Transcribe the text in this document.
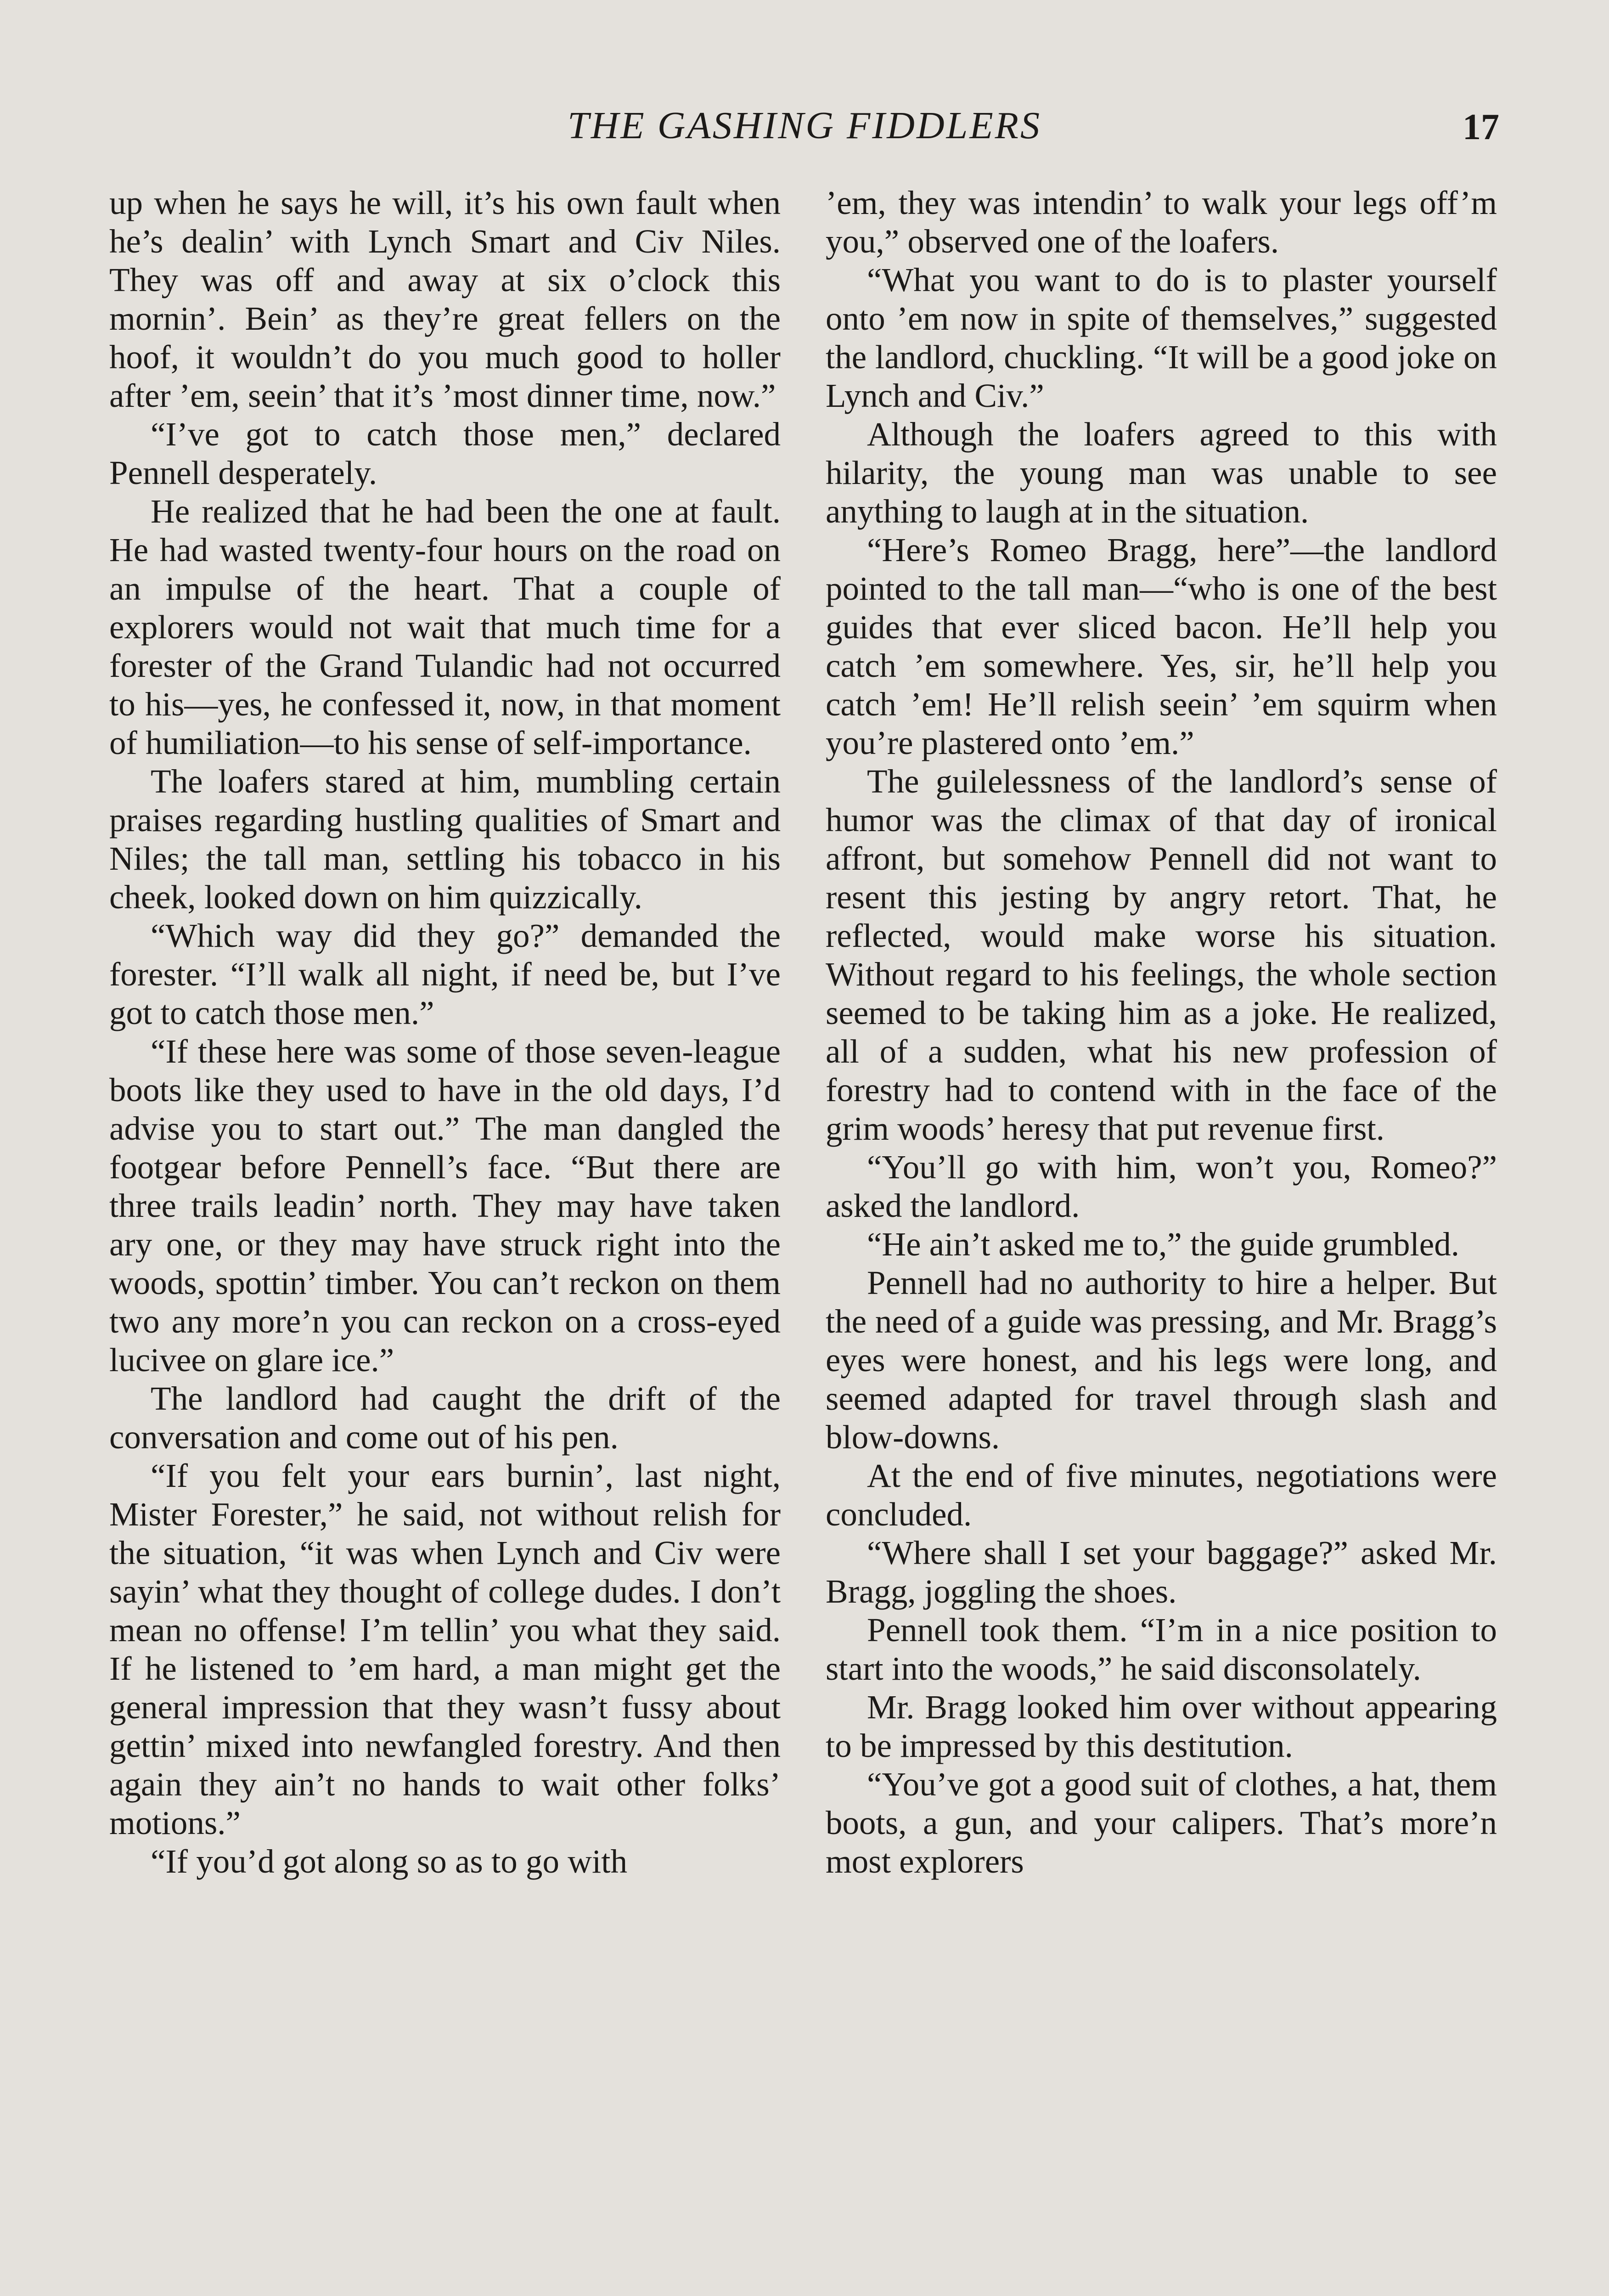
THE GASHING FIDDLERS	17

up when he says he will, it’s his own fault when he’s dealin’ with Lynch Smart and Civ Niles. They was off and away at six o’clock this mornin’. Bein’ as they’re great fellers on the hoof, it wouldn’t do you much good to holler after ’em, seein’ that it’s ’most dinner time, now.”

“I’ve got to catch those men,” declared Pennell desperately.

He realized that he had been the one at fault. He had wasted twenty-four hours on the road on an impulse of the heart. That a couple of explorers would not wait that much time for a forester of the Grand Tulandic had not occurred to his—yes, he confessed it, now, in that moment of humiliation—to his sense of self-importance.

The loafers stared at him, mumbling certain praises regarding hustling qualities of Smart and Niles; the tall man, settling his tobacco in his cheek, looked down on him quizzically.

“Which way did they go?” demanded the forester. “I’ll walk all night, if need be, but I’ve got to catch those men.”

“If these here was some of those seven-league boots like they used to have in the old days, I’d advise you to start out.” The man dangled the footgear before Pennell’s face. “But there are three trails leadin’ north. They may have taken ary one, or they may have struck right into the woods, spottin’ timber. You can’t reckon on them two any more’n you can reckon on a cross-eyed lucivee on glare ice.”

The landlord had caught the drift of the conversation and come out of his pen.

“If you felt your ears burnin’, last night, Mister Forester,” he said, not without relish for the situation, “it was when Lynch and Civ were sayin’ what they thought of college dudes. I don’t mean no offense! I’m tellin’ you what they said. If he listened to ’em hard, a man might get the general impression that they wasn’t fussy about gettin’ mixed into newfangled forestry. And then again they ain’t no hands to wait other folks’ motions.”

“If you’d got along so as to go with

’em, they was intendin’ to walk your legs off’m you,” observed one of the loafers.

“What you want to do is to plaster yourself onto ’em now in spite of themselves,” suggested the landlord, chuckling. “It will be a good joke on Lynch and Civ.”

Although the loafers agreed to this with hilarity, the young man was unable to see anything to laugh at in the situation.

“Here’s Romeo Bragg, here”—the landlord pointed to the tall man—“who is one of the best guides that ever sliced bacon. He’ll help you catch ’em somewhere. Yes, sir, he’ll help you catch ’em! He’ll relish seein’ ’em squirm when you’re plastered onto ’em.”

The guilelessness of the landlord’s sense of humor was the climax of that day of ironical affront, but somehow Pennell did not want to resent this jesting by angry retort. That, he reflected, would make worse his situation. Without regard to his feelings, the whole section seemed to be taking him as a joke. He realized, all of a sudden, what his new profession of forestry had to contend with in the face of the grim woods’ heresy that put revenue first.

“You’ll go with him, won’t you, Romeo?” asked the landlord.

“He ain’t asked me to,” the guide grumbled.

Pennell had no authority to hire a helper. But the need of a guide was pressing, and Mr. Bragg’s eyes were honest, and his legs were long, and seemed adapted for travel through slash and blow-downs.

At the end of five minutes, negotiations were concluded.

“Where shall I set your baggage?” asked Mr. Bragg, joggling the shoes.

Pennell took them. “I’m in a nice position to start into the woods,” he said disconsolately.

Mr. Bragg looked him over without appearing to be impressed by this destitution.

“You’ve got a good suit of clothes, a hat, them boots, a gun, and your calipers. That’s more’n most explorers
